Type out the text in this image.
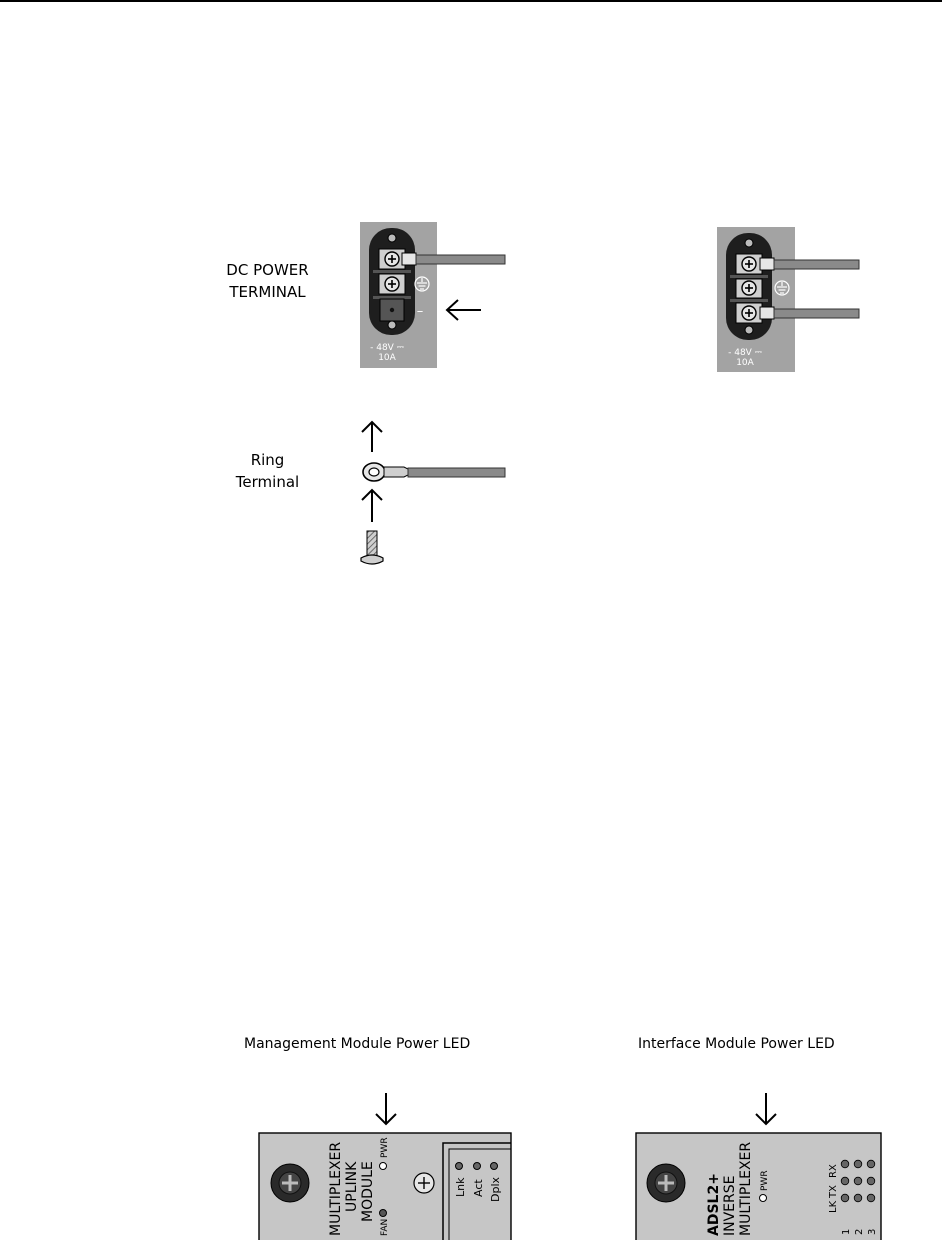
DC POWER
TERMINAL
Ring
Terminal
Management Module Power LED	Interface Module Power LED
–
- 48V ⎓
10A	- 48V ⎓
10A
MULTIPLEXER UPLINK MODULE
PWR
FAN
Lnk Act Dplx	ADSL2+ INVERSE MULTIPLEXER PWR	RX
TX
LK
1 2 3
